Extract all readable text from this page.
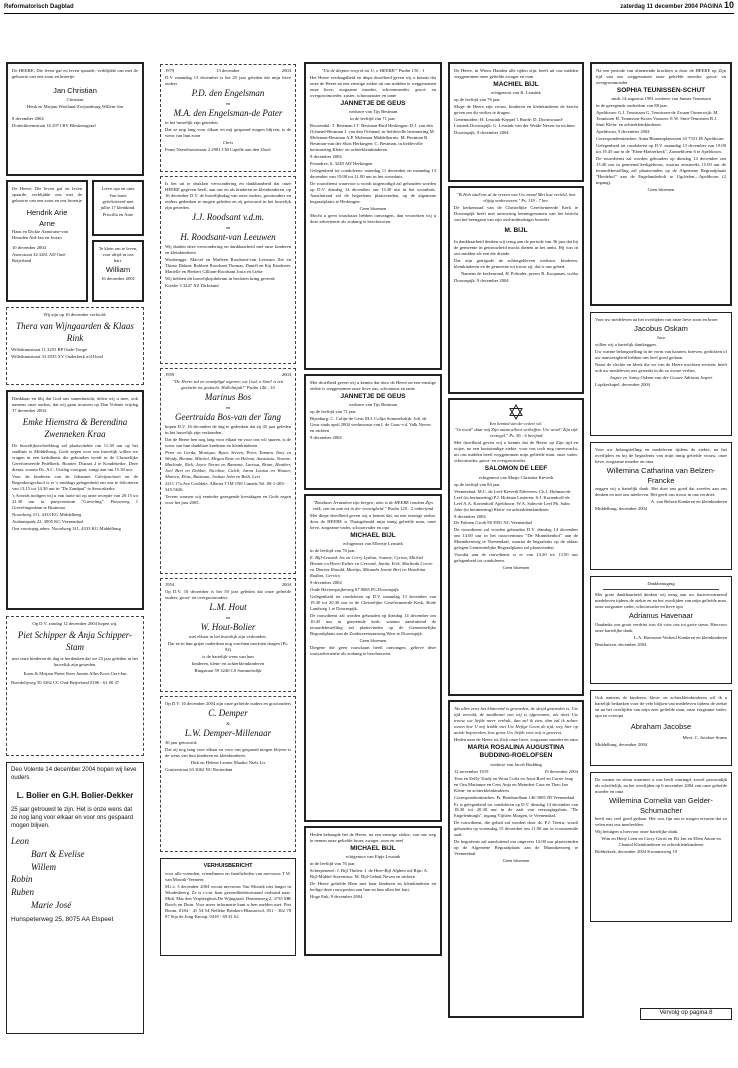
Reformatorisch Dagblad	zaterdag 11 december 2004 PAGINA 10

De HEERE, Die leven gaf en leven spaarde, verblijdde ons met de geboorte van een zoon en broertje

Jan Christian

Christian

Henk en Mirjam Westland-Zwijnenburg Willem-Jan

8 december 2004

Dotterbloemstraat 16 2971 BV Bleskensgraaf

De Heere, Die leven gaf en leven spaarde, verblijdde ons met de geboorte van een zoon en ons broertje

Hendrik Arie

Arne

Hans en Dickie Aamoutse-van Heusden Ard-Jan en Jorian

10 december 2004

Asterstraat 34 3261 AD Oud-Beijerland

Lieve opa en oma

Van harte gefeliciteerd met jullie 17 kleinkind.

Priscilla en Arne

Te klein om te leven, voor altijd in ons hart.

William

16 december 2001

Wij zijn op 10 december verloofd.

Thera van Wijngaarden & Klaas Rink

Willeikmnstraat 11 3255 BP Oude-Tonge

Willeikmnstraat 33 2935 XV Ouderkerk a/d IJssel

Dankbaar en blij dat God ons samenbracht, delen wij u mee, ook namens onze ouders, dat wij gaan trouwen op Dan Volente vrijdag 17 december 2004.

Emke Hiemstra & Berendina Zwenneken Kraa

De huwelijksvoltrekking zal plaatsvinden om 11.30 uur op het stadhuis te Middelburg. Gods zegen over ons huwelijk willen we vragen in een kerkdienst die gehouden wordt in de Christelijke Gereformeerde Pniëlkerk, Boarter. Dstraat 2 te Koudekerke. Deze dienst, waarin Ds. A.C. Uitslag voorgaat, vangt aan om 15.30 uur.

Voor de kinderen van de Johannes Calvijnschool en de Regenboogschool is er 's middags gelegenheid om ons te feliciteren van 13.15 tot 14.30 uur in "De Zandput" te Serooskerke.

's Avonds nodigen wij u van harte uit op onze receptie van 20.15 tot 21.30 uur in partycentrum "Greveling", Bouwweg 1 Grevelingenlaan te Bruinisse.

Noordweg 311, 4333 KG Middelburg

Atalantapark 22, 3905 KG Veenendaal

Ons vooriopig adres: Noordweg 311, 4333 KG Middelburg

Op D.V. zondag 12 december 2004 hopen wij,

Piet Schipper & Anja Schipper-Stam

met onze kinderen de dag te herdenken dat we 25 jaar geleden in het huwelijk zijn getreden.

Koen & Mirjam Pieter Kees Jannie Alles Koos Gert-Jan

Boerdelijweg 50 3262 CC Oud-Beijerland 0186 - 61 00 47

Deo Volente 14 december 2004 hopen wij lieve ouders

L. Bolier en G.H. Bolier-Dekker

25 jaar getrouwd te zijn. Het is onze wens dat ze nog lang voor elkaar en voor ons gespaard mogen blijven.

Leon

Bart & Evelise

Willem

Robin

Ruben

Marie José

Hunspeterweg 25, 8075 AA Elspeet

1979	13 december	2004

D.V. maandag 13 december is het 25 jaar geleden dat mijn lieve ouders

P.D. den Engelsman

en

M.A. den Engelsman-de Pater

in het huwelijk zijn getreden.

Dat ze nog lang voor elkaar en mij gespaard mogen blijven, is de wens van hun zoon

Chris

Frans Naerebtoutstraat 2 2981 CM Capelle aan den IJssel

Is het uit te drukken verwondering en dankbaarheid dat onze HEERE gegeven heeft, aan ons en als kinderen en kleinkinderen, op 16 december D.V. de huwelijksdag van onze ouders, grootouders en ouders gedenken te mogen geleden en zij getrouwd in het huwelijk zijn getreden.

J.J. Roodsant v.d.m.

en

H. Roodsant-van Leeuwen

Wij duiden deze verwondering en dankbaarheid met onze kinderen en kleinkinderen

Woubrugge: Marcel en Marleen Roodsant-van Leersum Ilse en Thimo Didam: Robbert Roodsant Thomas, Daniël en Kaj Kinderen: Marielle en Herbert Gilliam-Roodsant Josta en Lieke

Wij hebben dit huwelijksjubileum in besloten kring gevierd.

Kreeke 3 3247 XZ Dirksland

1959	2004

"De Heere zal en eenzijdigd regeren; uw God, o Sion! is ten geslacht tot geslacht. Halleluijah!" Psalm 146 : 10

Marinus Bos

en

Geertruida Bos-van der Tang

hopen D.V. 16 december de dag te gedenken dat zij 45 jaar geleden in het huwelijk zijn verbonden.

Dat de Heere hen nog lang voor elkaar en voor ons wil sparen, is de wens van hun dankbare kinderen en kleinkinderen

Peter en Gerda, Monique, Ryan, Steven, Peter, Tamara Tony en Wendy, Brenna, Mitchel, Megan Rene en Helena, Anastasia, Yvonne, Marlinde, Rick, Joyce Neran en Ramona, Larissa, Brian, Heather, Joel Bert en Debbie, Nicoline, Caleb, Jaron Louisa en Wouter, Monica, Elias, Bastiaan, Joshua John en Beth, Levi

2211 17a Ave Coaldale, Alberta T1M 1N8 Canada Tel. 00-1-403-345-5626

Tevens wensen wij eenieder gezegende kerstdagen en Gods zegen voor het jaar 2005.

1954	2004

Op D.V. 16 december is het 50 jaar geleden dat onze geliefde ouders, groot- en overgrootouders

L.M. Hout

en

W. Hout-Bolier

met elkaar in het huwelijk zijn verbonden.

Dat ze in hun grijze ouderdom nog vruchten mochten dragen (Ps. 92)

is de hartelijk wens van hun

kinderen, klein- en achterkleinkinderen

Ringstraat 59 3240 CS Sommelsdijk

Op D.V. 16 december 2004 zijn onze geliefde ouders en grootouders

C. Demper

&

L.W. Demper-Millenaar

30 jaar getrouwd.

Dat zij nog lang voor elkaar en voor ons gespaard mogen blijven is de wens van hun kinderen en kleinkinderen.

Dirk en Heleen Leonie Maaike Niels Lis

Grutterstraat 63 3062 NC Rotterdam

VERHUISBERICHT

voor alle vrienden, vriendinnen en familieleden van mevrouw T.W. van Mourik-Vermeer.

M.i.v. 3 december 2004 woont mevrouw Van Mourik niet langer in Windesheerg. Ze is i.v.m. haar gezondheidstoestand verhuisd naar: Midt. Mar den Verpleeghuis De Wijngaard, Dennenweg 2, 3735 MR Bosch en Duin. Voor meer informatie kunt u hen melden met: Piet Boom, 0184 - 41 54 54 Nelleke Brinkers-Blaauwwil, 051 - 362 78 97 Stja de Jong-Knoop, 0418 - 69 41 62

"Uit de diepten roep ik tot U, o HEERE!" Psalm 130 : 1

Het Heere verdaagdheid en diepe droefheid geven wij u kennis dat onze de Heere na een ernstige ziekte uit ons midden te weggenomen onze lieve, zorgzame moeder, schoonmoeder, groot- en overgrootmoeder, zuster, schoonzuster en tante

JANNETJE DE GEUS

weduwe van Tijs Bestman

in de leeftijd van 71 jaar.

Roosendal: T. Bestman I.T. Bestman-Bird Herkingen: D.J. van den Ochtend-Bestman J. van den Ochtend, in liefdevolle herinnering M. Molenaar-Bestman A.P. Molenaar Middelharnis: M. Bestman R. Bestman-van der Sluis Herkingen: C. Bestman, in liefdevolle herinnering Klein- en achterkleinkinderen

9 december 2004

Postadres: 6, 3249 AW Herkingen

Gelegenheid tot condoleren: zaterdag 11 december en maandag 13 december van 19.00 tot 21.00 uur in het woonhuis.

De rouwdienst waarvoor u wordt uitgenodigd zal gehouden worden op D.V. dinsdag 14 december om 13.30 uur in het woonhuis. Aansluitend zal de begrafenis plaatsvinden, op de algemene begraafplaats te Herkingen.

Geen bloemen

Mocht u geen rouwkaart hebben ontvangen, dan verzoeken wij u deze advertentie als zodanig te beschouwen.

Met droefheid geven wij u kennis dat door de Heere na een ernstige ziekte is weggenomen onze lieve zus, schoonzus en tante

JANNETJE DE GEUS

weduwe van Tijs Bestman

op de leeftijd van 71 jaar.

Bijzaburg: C. Colijn-de Geus M.J. Colijn Sommelsdijk: Joh. de Geus sinds april 2004 weduwnaar van I. de Geus-v.d. Valk Neven en nichten

9 december 2004

"Ronduon Jeruzalem zijn bergen; alzo is de HEERE rondom Zijn volk, van nu aan tot in der eeuwigheid." Psalm 125 : 2 onberijmd

Met diepe droefheid geven wij u kennis dat, na een ernstige ziekte, door de HEERE is Thuisgehaald mijn innig geliefde man, onze lieve, zorgzame vader, schoonvader en opa

MICHAEL BIJL

echtgenoot van Elbertje Leusink

in de leeftijd van 76 jaar.

E. Bijl-Leusink Jos en Corry Lydian, Joanne, Cyrina, Michiel Hennie en Henri Esther en Gerrard, Janita, Erik, Marlinda Corrie en Dineme Ronald, Martijn, Miranda Jennie Bert en Hendrina Rudian, Gerrico

9 december 2004

Oude Haviersprijkeweg 67 8065 PG Doornspijk

Gelegenheid tot condoleren op D.V. maandag 13 december van 19.30 tot 20.30 uur in de Christelijke Gereformeerde Kerk, Rode Landweg 1 te Doornspijk.

De rouwdienst zal worden gehouden op dinsdag 14 december om 10.45 uur in genoemde kerk, waarna aansluitend de teraardebestelling zal plaatsvinden op de Gemeentelijke Begraafplaats aan de Zuiderzeestraatweg West te Doornspijk.

Geen bloemen

Diegene die geen rouwkaart heeft ontvangen, gelieve deze rouwadvertentie als zodanig te beschouwen.

Heden behaagde het de Heere, na een ernstige ziekte, van ons weg te nemen onze geliefde broer, zwager, oom en neef

MICHAEL BIJL

echtgenoot van Eipje Leusink

in de leeftijd van 76 jaar.

Scherpenzeel: J. Bijl Tholen: J. de Heer-Bijl Alphen a/d Rijn: A. Bijl-Middel Stavenisse: M. Bijl-Gehuk Neven en nichten

De Heere geliefde Hem met haar kinderen en kleinkinderen en heilige deze rouwposten aan hun en hun allen het hart.

Hoge Enk, 9 december 2004

De Heere, in Wiens Handen alle tijden zijn, heeft uit ons midden weggenomen onze geliefde zwager en oom

MACHIEL BIJL

echtgenoot van K. Leusink

op de leeftijd van 76 jaar.

Moge de Heere zijn vrouw, kinderen en kleinkinderen de kracht geven om dit verlies te dragen.

Genemuiden: H. Leusink-Keppel 't Harde: D. Doornwaard-Leusink Doornspijk: G. Leusink-van der Weide Neven en nichten

Doornspijk, 9 december 2004

"Ik Heb sind'ens al de vrezen van Uw mond Met lust verteld, hen vlijtig onderwezen." Ps. 119 : 7 ber.

De kerkenraad van de Christelijke Gereformeerde Kerk te Doornspijk heeft met ontroering kennisgenomen van het bericht van het heengaan van zijn oud-ambtsdrager broeder

M. BIJL

In dankbaarheid denken wij terug aan de periode van 36 jaar dat hij de gemeente in getrouwheid mocht dienen in het ambt. Hij was in ons midden als een die diende.

Dat zijn getrignde de achtergebleven weduwe, kinderen, kleinkinderen en de gemeente tot troost zij, dat is ons gebed.

Namens de kerkenraad, H. Polinder, preses R. Koopman, scriba

Doornspijk, 9 december 2004

Een bemind van der cedere wil.

"Ja word" daar mij Zijn naam alloos verheffen. Uw word" Zijn tijd verzegel." Ps. 56 : 6 berijmd

Met droefheid geven wij u kennis dat de Heere op Zijn tijd en wijze, na een kortstondige ziekte, voor ons toch nog onverwacht, uit ons midden heeft weggenomen mijn geliefde man, onze vader, schoonvader, groot- en overgrootvader

SALOMON DE LEEF

echtgenoot van Maaje Christina Kieveth

op de leeftijd van 84 jaar.

Veenendaal: M.C. de Leef-Kieveth Ederveen: Ch.J. Hofman-de Leef (in herinnering) P.J. Hofman Lusteren: S.J. Kortenhoff-de Leef A.A. Kortenhoff Apeldoorn: W.A. Salm-de Leef Ph. Salm Joke (in herinnering) Klein- en achterkleinkinderen

9 december 2004

De Palmen Groth 90 3901 NC Veenendaal

De rouwdienst zal worden gehouden D.V. dinsdag 14 december om 14.00 uur in het rouwcentrum "De Munnikenhof" aan de Munnikenweg te Veenendaal, waarna de begrafenis op de aldaar gelegen Gemeentelijke Begraafplaats zal plaatsvinden.

Voordat aan de rouwdienst is er van 13.20 tot 13.50 uur gelegenheid tot condoleren.

Geen bloemen

Als alles eens het klaterend is geworden, de strijd gestreden is. Uw tijd vervuld, de zandkrant van wij is afgenomen, als niets Uw trouw, uw liefde meer verhult, dan zal ik zien, dan zal ik zalaer weten hoe U mij leidde met Uw Hefige Geest de tijd, wey hier op aarde hopwerken. hoe groot Uw liefde voor mij is geweest.

Heden nam de Heere tot Zich onze lieve, zorgzame moeder en oma

MARIA ROSALINA AUGUSTINA BUDDING-ROELOFSEN

weduwe van Jacob Budding

12 november 1919	19 december 2004

Teus en EeDy Trudy en Wout Colia en Joost Roel en Corrie Jaap en Oza Marianne en Cees Anja en Meindert Cora en Theo Jan Klein- en achterkleinkinderen

Correspondentieadres: Pr. Bernhardlaan 146 3905 JD Veenendaal

Er is gelegenheid tot condoleren op D.V. dinsdag 14 december van 18.30 tot 20.30 uur in de zaal van verzorgingshuis "De Engelenburgh", ingang Vijftien Morgen, te Veenendaal.

De rouwdienst, die gehad zal worden door ds. P.J. Teeuw, wordt gehouden op woensdag 15 december om 11.00 uur in voornoemde zaal.

De begrafenis zal aansluitend om ongeveer 12.00 uur plaatsvinden op de Algemene Begraafplaats aan de Munnikenweg te Veenendaal.

Geen bloemen

Na een periode van afnemende krachten is door de HEERE op Zijn tijd van ons weggenomen onze geliefde moeder, groot- en overgrootmoeder

SOPHIA TEUNISSEN-SCHUT

sinds 14 augustus 1981 weduwe van Jannes Teunissen

in de gezegende ouderdom van 88 jaar.

Apeldoorn: G.J. Teunissen G. Teunissen-de Zwaan Oosterwijk: M. Teunissen H. Teunissen-Kroes Vaassen: E.W. Smit-Teunissen B.J. Smit Klein- en achterkleinkinderen

Apeldoorn, 9 december 2004

Correspondentieadres: Anna Blamanplantsoen 33 7331 JE Apeldoorn

Gelegenheid tot condoleren op D.V. maandag 13 december van 19.00 tot 19.45 uur in de "Eben-Haëzerkerk", Zonnebloem 6 te Apeldoorn.

De rouwdienst zal worden gehouden op dinsdag 14 december om 13.40 uur in genoemd kerkgebouw, waarna omstreeks 15.00 uur de teraardebestelling zal plaatsvinden op de Algemene Begraafplaats "Heidehof" aan de Engelanderholt te Ugchelen—Apeldoorn (2 ingang).

Geen bloemen

Voor uw medeleven na het overlijden van onze lieve zoon en broer

Jacobus Oskam

Jaco

willen wij u hartelijk danikeggen.

Uw warme belangstelling in de vorm van kaarten, brieven, gedichten of uw aanwezigheid hebben ons heel goed gedaan.

Naast de slechte en bleek die we van de Heere mochten ervaren, heeft ook uw medeleven ons gesterkt in dit zo zware verlies.

Jasper en Janny Oskam-van der Gouwe Adriaan Jasper

Lopikerkapel, december 2004

Voor uw belangstelling en medeleven tijdens de ziekte, na het overlijden en bij de begrafenis van mijn innig geliefde vrouw, onze lieve, zorgzame moeder en oma

Willemina Catharina van Belzen-Francke

zeggen wij u hartelijk dank. Het doet ons goed dat zoveles aan ons denken en met ons meeleven. Het geeft ons troost in ons verdriet.

A. van Belzen Kinderen en kleinkinderen

Middelburg, december 2004

Dankbetuiging

Met grote dankbaarheid denken wij terug aan uw hartverwarmend medeleven tijdens de ziekte en na het overlijden van mijn geliefde man, onze zorgzame vader, schoonvader en lieve opa

Adrianus Havenaar

Omdanks ons groot verdriet was dit voor ons tot grote steun. Hiervoor onze hartelijke dank.

L.A. Havenaar-Verheul Kinderen en kleinkinderen

Benthuizen, december 2004

Ook namens de kinderen, klein- en achterkleinkinderen wil ik u hartelijk bedanken voor de vele blijken van medeleven tijdens de ziekte en na het overlijden van mijn zeer geliefde man, onze zorgzame vader, opa en overopa

Abraham Jacobse

Mevr. C. Jacobse-Sturm

Middelburg, december 2004

De warme en steun waarmee u ons heeft omringd, zowel persoonlijk als schriftelijk, na het overlijden op 6 november 2004 van onze geliefde moeder en oma

Willemina Cornelia van Gelder-Schumacher

heeft ons veel goed gedaan. Het was fijn om te mogen ervaren dat zo velen met ons meeleefden.

Wij betuigen u hiervoor onze hartelijke dank.

Wim en Hetty Leen en Corry Gerrit en Els Jan en Ellen Anton en Chantal Kleinkinderen en achterkleinkinderen

Ridderkerk, december 2004 Krommeweg 19

Vervolg op pagina 8
